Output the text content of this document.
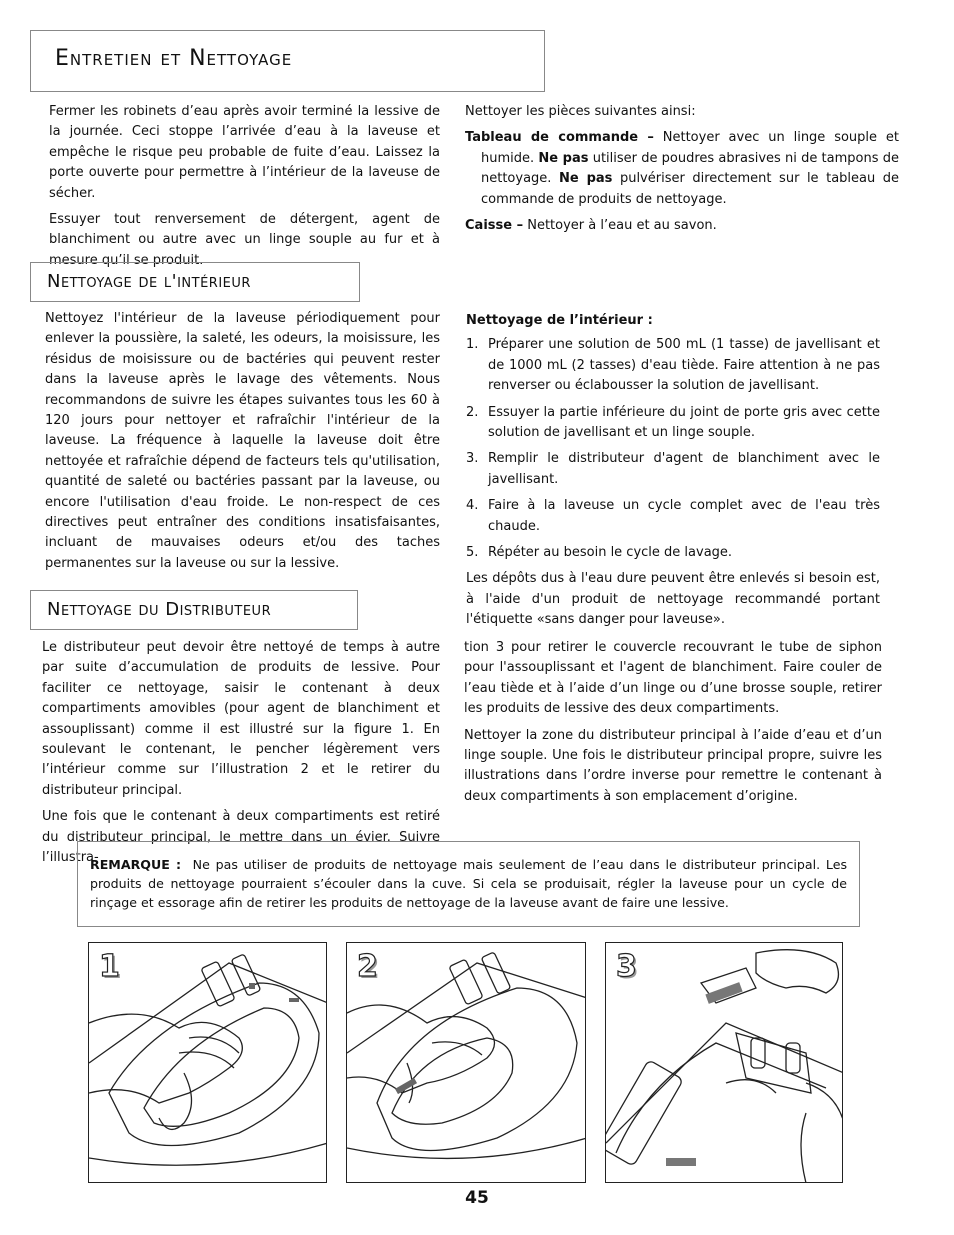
Entretien et Nettoyage

Fermer les robinets d’eau après avoir terminé la lessive de la journée. Ceci stoppe l’arrivée d’eau à la laveuse et empêche le risque peu probable de fuite d’eau. Laissez la porte ouverte pour permettre à l’intérieur de la laveuse de sécher.

Essuyer tout renversement de détergent, agent de blanchiment ou autre avec un linge souple au fur et à mesure qu’il se produit.

Nettoyer les pièces suivantes ainsi:

Tableau de commande – Nettoyer avec un linge souple et humide. Ne pas utiliser de poudres abrasives ni de tampons de nettoyage. Ne pas pulvériser directement sur le tableau de commande de produits de nettoyage.

Caisse – Nettoyer à l’eau et au savon.

Nettoyage de l'intérieur

Nettoyez l'intérieur de la laveuse périodiquement pour enlever la poussière, la saleté, les odeurs, la moisissure, les résidus de moisissure ou de bactéries qui peuvent rester dans la laveuse après le lavage des vêtements. Nous recommandons de suivre les étapes suivantes tous les 60 à 120 jours pour nettoyer et rafraîchir l'intérieur de la laveuse. La fréquence à laquelle la laveuse doit être nettoyée et rafraîchie dépend de facteurs tels qu'utilisation, quantité de saleté ou bactéries passant par la laveuse, ou encore l'utilisation d'eau froide. Le non-respect de ces directives peut entraîner des conditions insatisfaisantes, incluant de mauvaises odeurs et/ou des taches permanentes sur la laveuse ou sur la lessive.

Nettoyage de l’intérieur :

1. Préparer une solution de 500 mL (1 tasse) de javellisant et de 1000 mL (2 tasses) d'eau tiède. Faire attention à ne pas renverser ou éclabousser la solution de javellisant.
2. Essuyer la partie inférieure du joint de porte gris avec cette solution de javellisant et un linge souple.
3. Remplir le distributeur d'agent de blanchiment avec le javellisant.
4. Faire à la laveuse un cycle complet avec de l'eau très chaude.
5. Répéter au besoin le cycle de lavage.

Les dépôts dus à l'eau dure peuvent être enlevés si besoin est, à l'aide d'un produit de nettoyage recommandé portant l'étiquette «sans danger pour laveuse».

Nettoyage du Distributeur

Le distributeur peut devoir être nettoyé de temps à autre par suite d’accumulation de produits de lessive. Pour faciliter ce nettoyage, saisir le contenant à deux compartiments amovibles (pour agent de blanchiment et assouplissant) comme il est illustré sur la figure 1. En soulevant le contenant, le pencher légèrement vers l’intérieur comme sur l’illustration 2 et le retirer du distributeur principal.

Une fois que le contenant à deux compartiments est retiré du distributeur principal, le mettre dans un évier. Suivre l’illustra-

tion 3 pour retirer le couvercle recouvrant le tube de siphon pour l'assouplissant et l'agent de blanchiment. Faire couler de l’eau tiède et à l’aide d’un linge ou d’une brosse souple, retirer les produits de lessive des deux compartiments.

Nettoyer la zone du distributeur principal à l’aide d’eau et d’un linge souple. Une fois le distributeur principal propre, suivre les illustrations dans l’ordre inverse pour remettre le contenant à deux compartiments à son emplacement d’origine.

REMARQUE : Ne pas utiliser de produits de nettoyage mais seulement de l’eau dans le distributeur principal. Les produits de nettoyage pourraient s’écouler dans la cuve. Si cela se produisait, régler la laveuse pour un cycle de rinçage et essorage afin de retirer les produits de nettoyage de la laveuse avant de faire une lessive.
1	2	3
45
